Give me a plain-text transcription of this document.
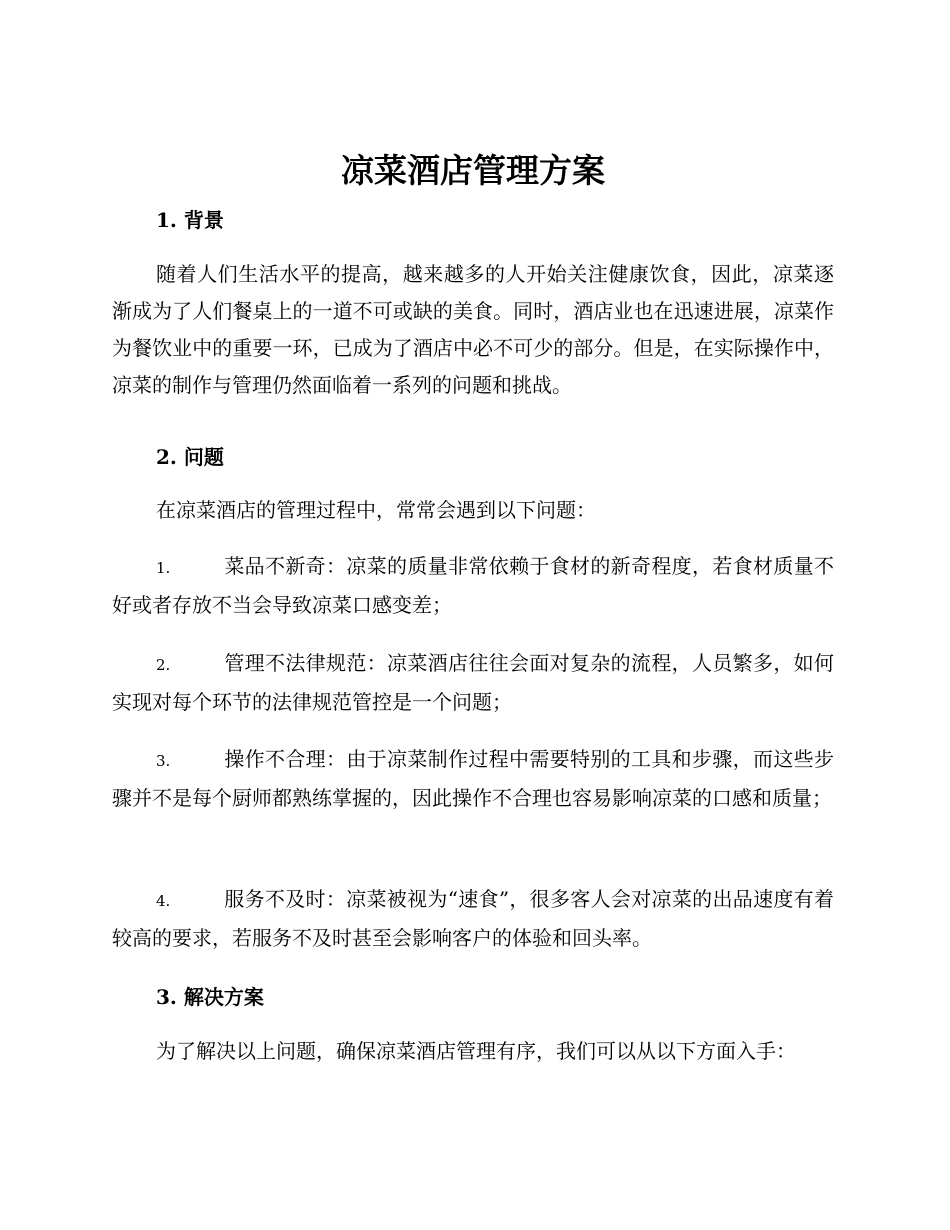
凉菜酒店管理方案
1. 背景

随着人们生活水平的提高，越来越多的人开始关注健康饮食，因此，凉菜逐渐成为了人们餐桌上的一道不可或缺的美食。同时，酒店业也在迅速进展，凉菜作为餐饮业中的重要一环，已成为了酒店中必不可少的部分。但是，在实际操作中，凉菜的制作与管理仍然面临着一系列的问题和挑战。

2. 问题

在凉菜酒店的管理过程中，常常会遇到以下问题：

1.	菜品不新奇：凉菜的质量非常依赖于食材的新奇程度，若食材质量不好或者存放不当会导致凉菜口感变差；

2.	管理不法律规范：凉菜酒店往往会面对复杂的流程，人员繁多，如何实现对每个环节的法律规范管控是一个问题；

3.	操作不合理：由于凉菜制作过程中需要特别的工具和步骤，而这些步骤并不是每个厨师都熟练掌握的，因此操作不合理也容易影响凉菜的口感和质量；

4.	服务不及时：凉菜被视为“速食”，很多客人会对凉菜的出品速度有着较高的要求，若服务不及时甚至会影响客户的体验和回头率。

3. 解决方案

为了解决以上问题，确保凉菜酒店管理有序，我们可以从以下方面入手：
